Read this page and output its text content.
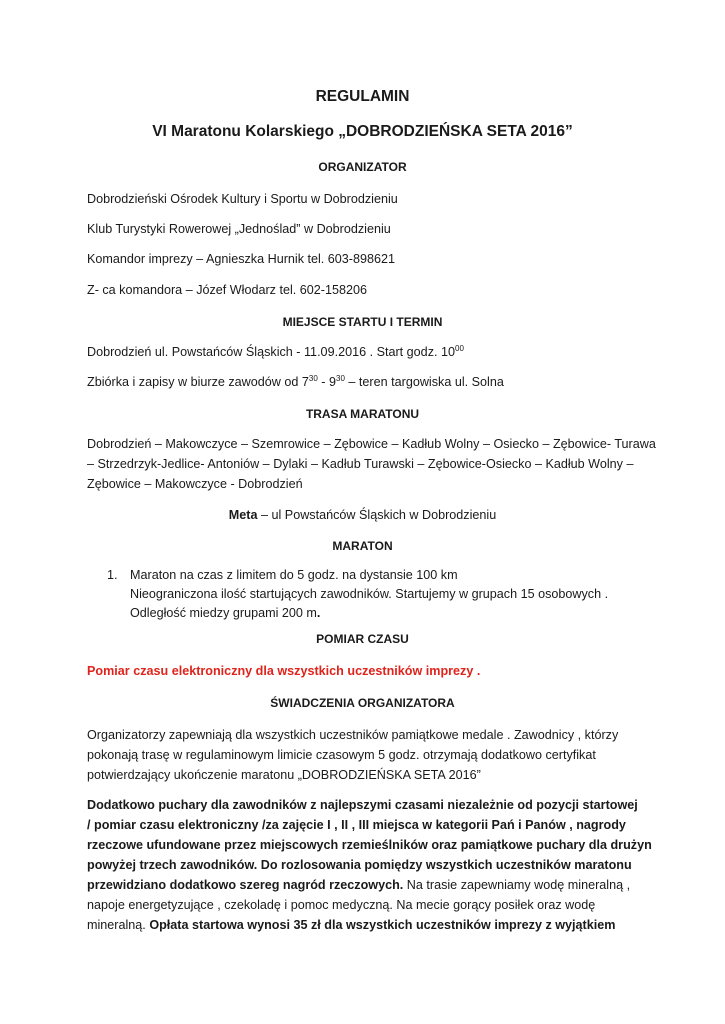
REGULAMIN
VI Maratonu Kolarskiego „DOBRODZIEŃSKA SETA 2016”
ORGANIZATOR
Dobrodzieński Ośrodek Kultury i Sportu w Dobrodzieniu
Klub Turystyki Rowerowej „Jednoślad” w Dobrodzieniu
Komandor imprezy – Agnieszka Hurnik tel. 603-898621
Z- ca komandora – Józef Włodarz tel. 602-158206
MIEJSCE STARTU I TERMIN
Dobrodzień ul. Powstańców Śląskich - 11.09.2016 . Start godz. $10^{00}$
Zbiórka i zapisy w biurze zawodów od $7^{30} - 9^{30}$ – teren targowiska ul. Solna
TRASA MARATONU
Dobrodzień – Makowczyce – Szemrowice – Zębowice – Kadłub Wolny – Osiecko – Zębowice- Turawa
– Strzedrzyk-Jedlice- Antoniów – Dylaki – Kadłub Turawski – Zębowice-Osiecko – Kadłub Wolny –
Zębowice – Makowczyce - Dobrodzień
Meta – ul Powstańców Śląskich w Dobrodzieniu
MARATON
1. Maraton na czas z limitem do 5 godz. na dystansie 100 km
Nieograniczona ilość startujących zawodników. Startujemy w grupach 15 osobowych .
Odległość miedzy grupami 200 m.
POMIAR CZASU
Pomiar czasu elektroniczny dla wszystkich uczestników imprezy .
ŚWIADCZENIA ORGANIZATORA
Organizatorzy zapewniają dla wszystkich uczestników pamiątkowe medale . Zawodnicy , którzy
pokonają trasę w regulaminowym limicie czasowym 5 godz. otrzymają dodatkowo certyfikat
potwierdzający ukończenie maratonu „DOBRODZIEŃSKA SETA 2016”
Dodatkowo puchary dla zawodników z najlepszymi czasami niezależnie od pozycji startowej
/ pomiar czasu elektroniczny /za zajęcie I , II , III miejsca w kategorii Pań i Panów , nagrody
rzeczowe ufundowane przez miejscowych rzemieślników oraz pamiątkowe puchary dla drużyn
powyżej trzech zawodników. Do rozlosowania pomiędzy wszystkich uczestników maratonu
przewidziano dodatkowo szereg nagród rzeczowych. Na trasie zapewniamy wodę mineralną ,
napoje energetyzujące , czekoladę i pomoc medyczną. Na mecie gorący posiłek oraz wodę
mineralną. Opłata startowa wynosi 35 zł dla wszystkich uczestników imprezy z wyjątkiem
